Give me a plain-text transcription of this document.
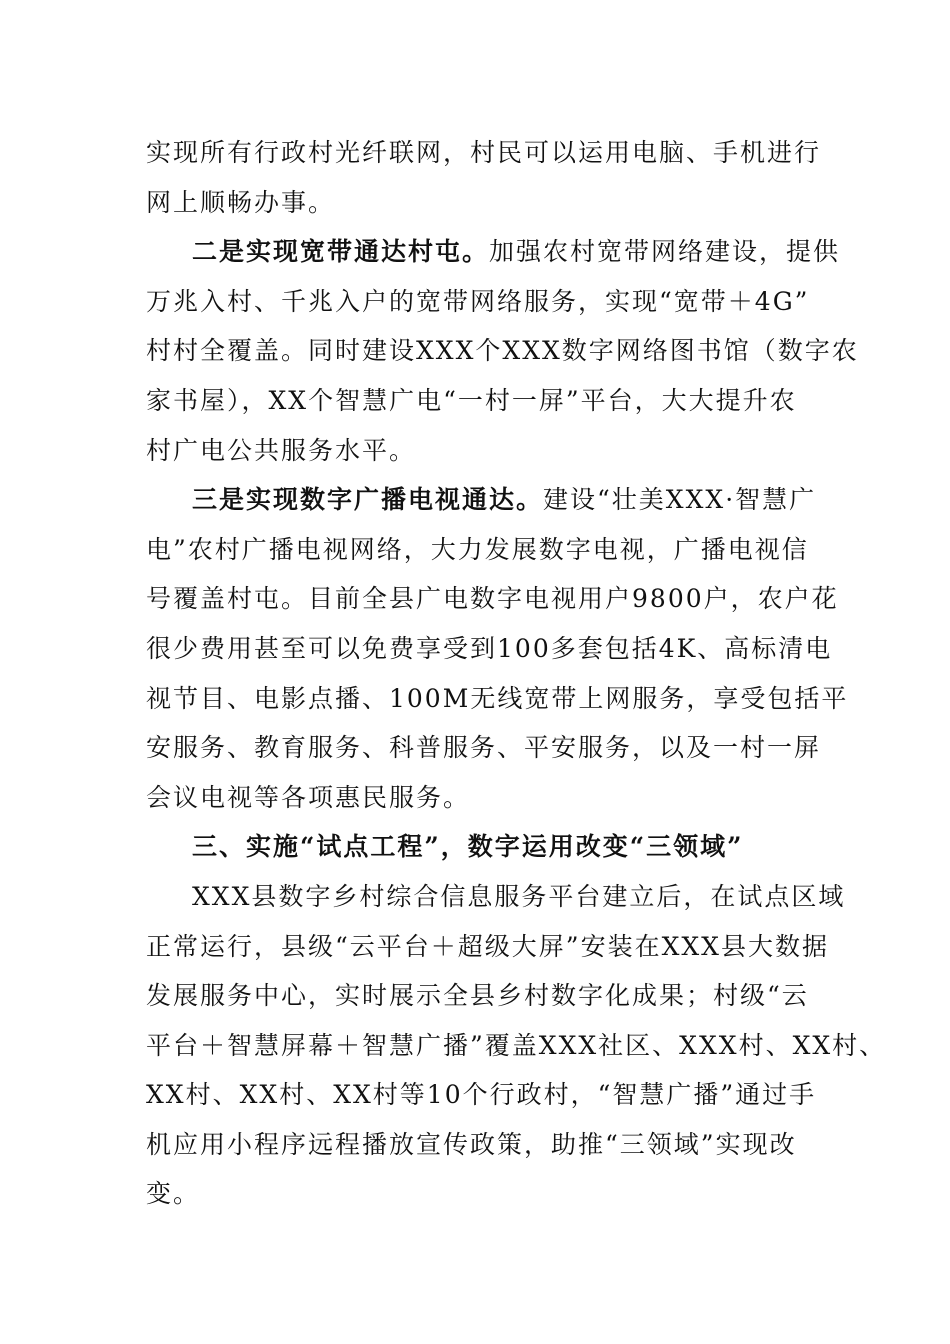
实现所有行政村光纤联网，村民可以运用电脑、手机进行
网上顺畅办事。
二是实现宽带通达村屯。加强农村宽带网络建设，提供
万兆入村、千兆入户的宽带网络服务，实现“宽带＋4G”
村村全覆盖。同时建设XXX个XXX数字网络图书馆（数字农
家书屋），XX个智慧广电“一村一屏”平台，大大提升农
村广电公共服务水平。
三是实现数字广播电视通达。建设“壮美XXX·智慧广
电”农村广播电视网络，大力发展数字电视，广播电视信
号覆盖村屯。目前全县广电数字电视用户9800户，农户花
很少费用甚至可以免费享受到100多套包括4K、高标清电
视节目、电影点播、100M无线宽带上网服务，享受包括平
安服务、教育服务、科普服务、平安服务，以及一村一屏
会议电视等各项惠民服务。
三、实施“试点工程”，数字运用改变“三领域”
XXX县数字乡村综合信息服务平台建立后，在试点区域
正常运行，县级“云平台＋超级大屏”安装在XXX县大数据
发展服务中心，实时展示全县乡村数字化成果；村级“云
平台＋智慧屏幕＋智慧广播”覆盖XXX社区、XXX村、XX村、
XX村、XX村、XX村等10个行政村，“智慧广播”通过手
机应用小程序远程播放宣传政策，助推“三领域”实现改
变。
